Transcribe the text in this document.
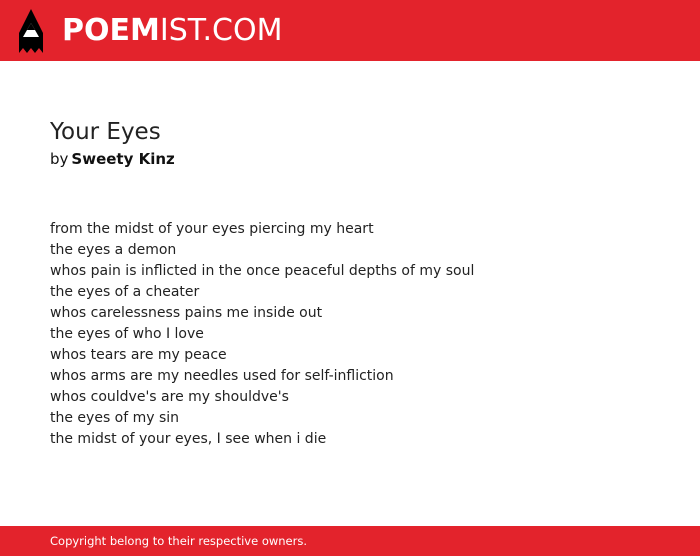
POEMIST.COM
Your Eyes
by Sweety Kinz
from the midst of your eyes piercing my heart
the eyes a demon
whos pain is inflicted in the once peaceful depths of my soul
the eyes of a cheater
whos carelessness pains me inside out
the eyes of who I love
whos tears are my peace
whos arms are my needles used for self-infliction
whos couldve's are my shouldve's
the eyes of my sin
the midst of your eyes, I see when i die
Copyright belong to their respective owners.
